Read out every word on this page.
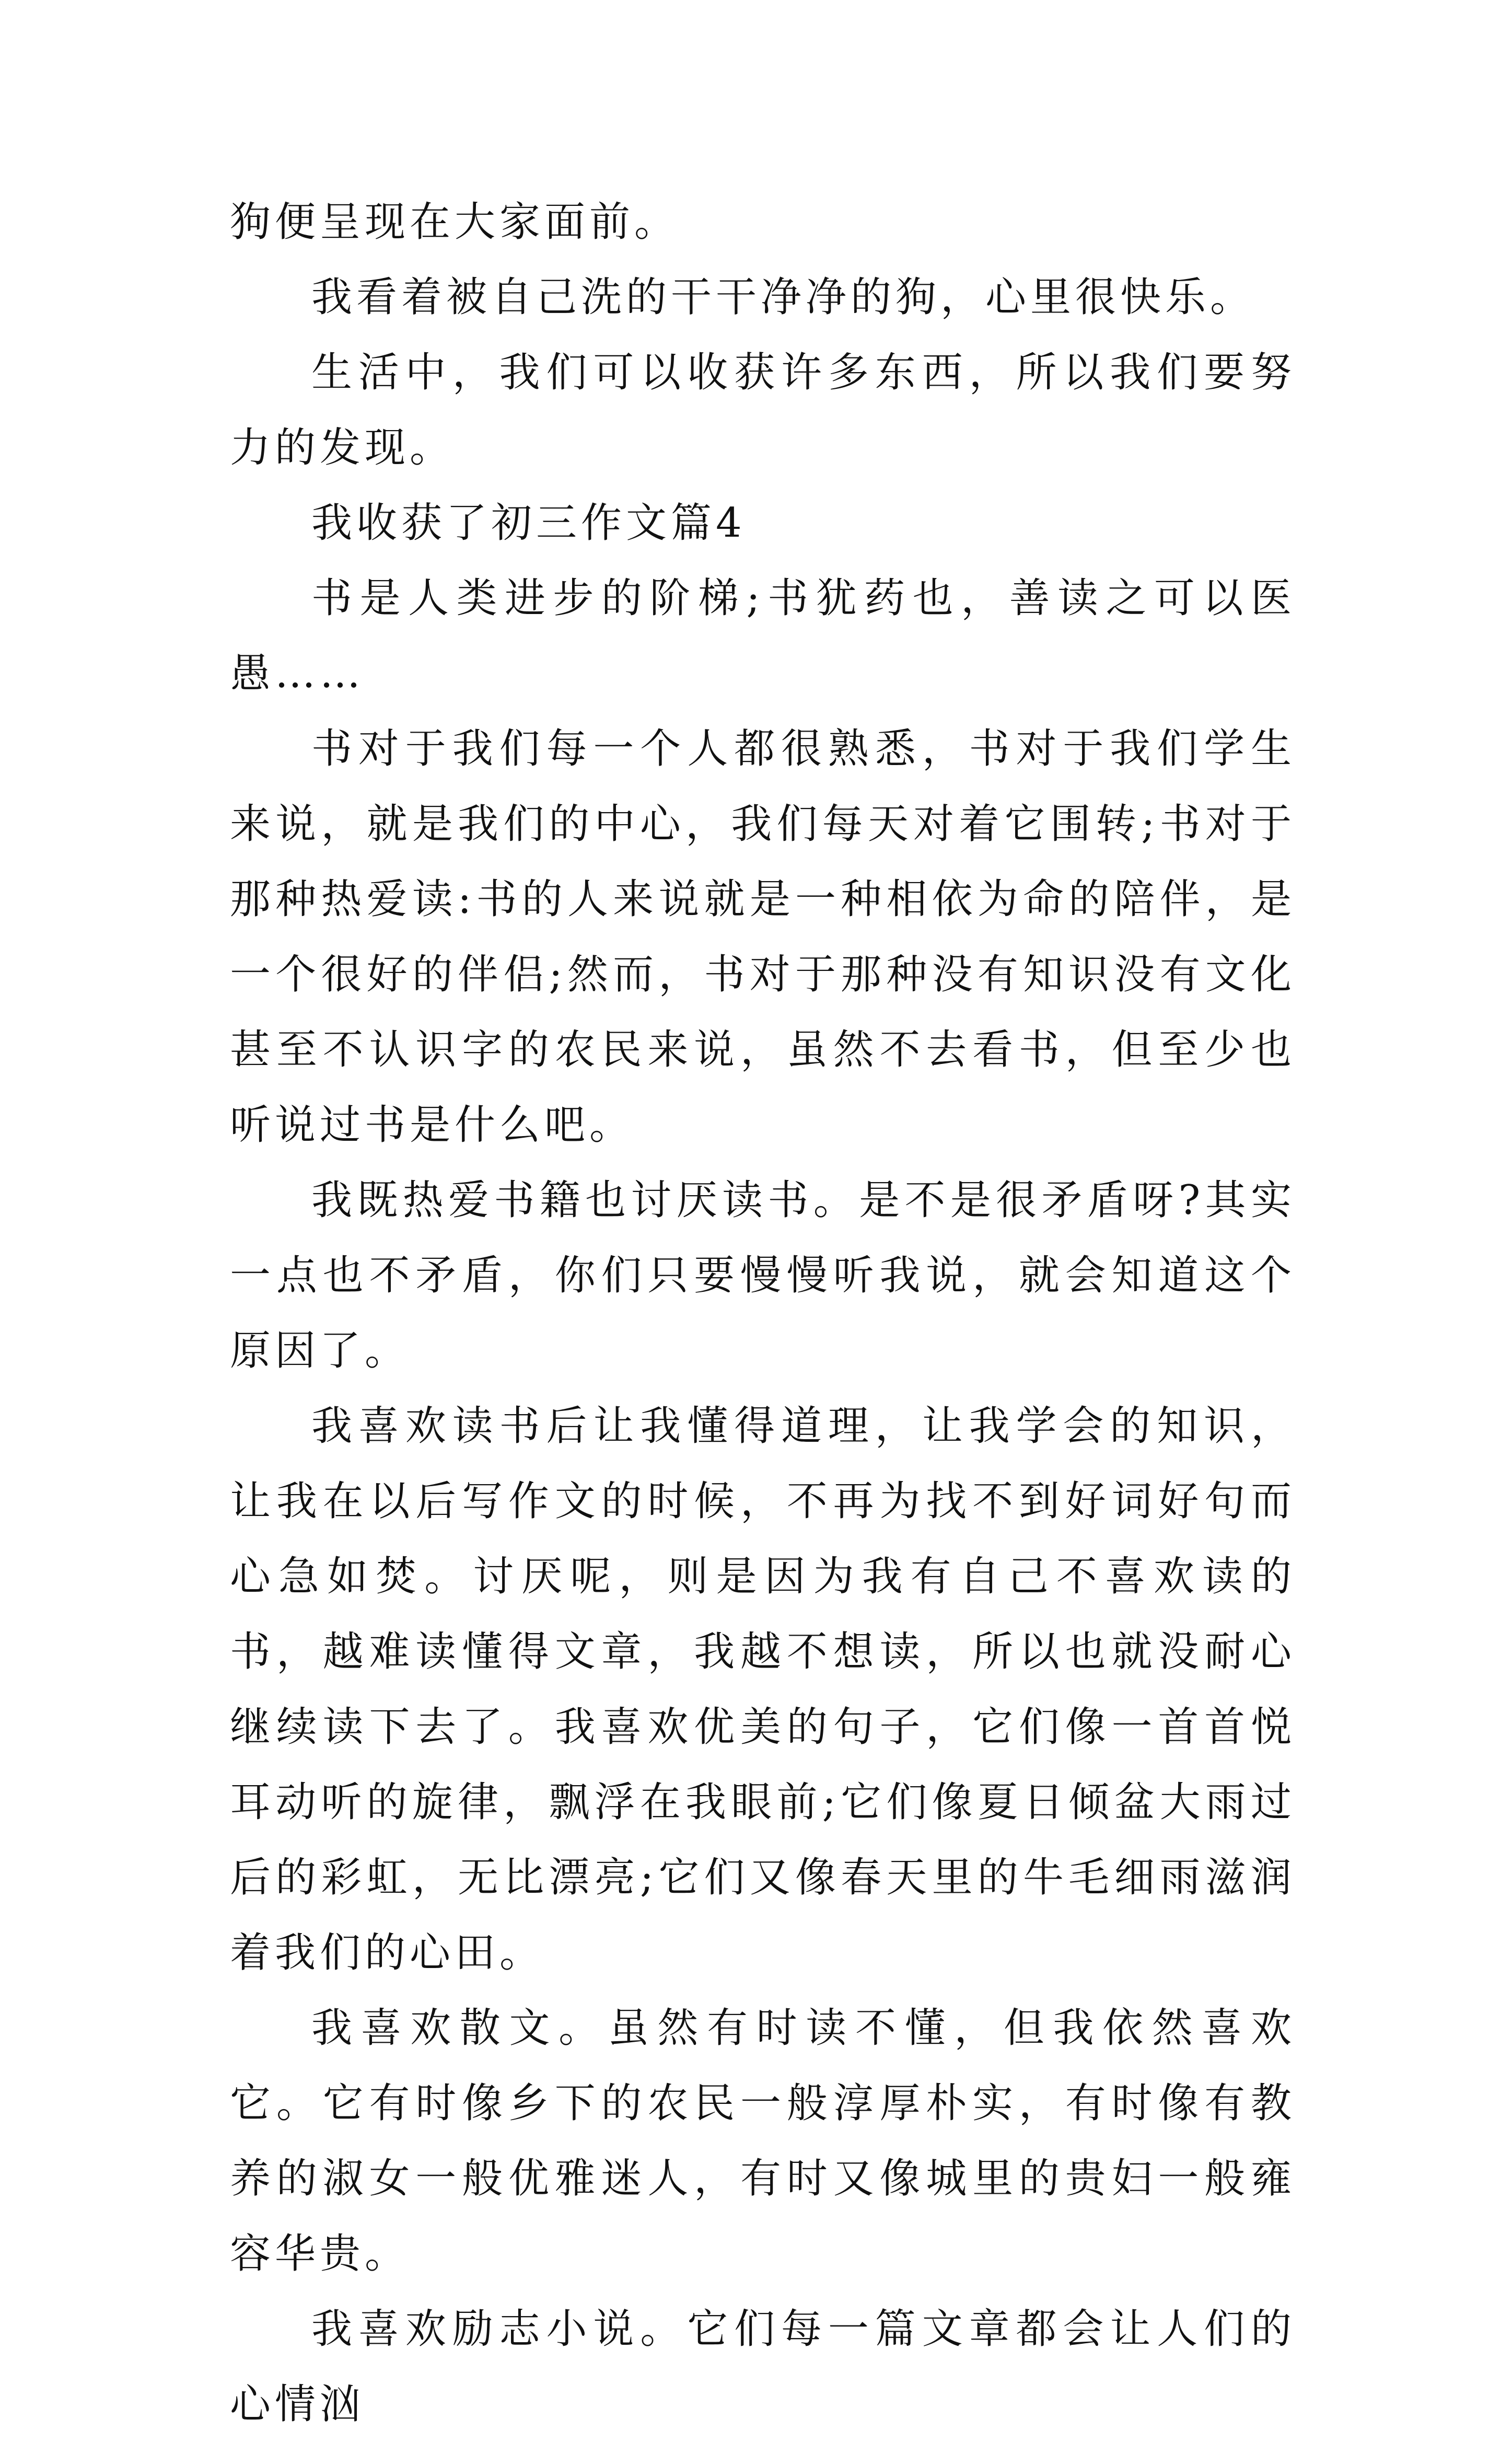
狗便呈现在大家面前。

我看着被自己洗的干干净净的狗，心里很快乐。

生活中，我们可以收获许多东西，所以我们要努力的发现。

我收获了初三作文篇4

书是人类进步的阶梯;书犹药也，善读之可以医愚……

书对于我们每一个人都很熟悉，书对于我们学生来说，就是我们的中心，我们每天对着它围转;书对于那种热爱读:书的人来说就是一种相依为命的陪伴，是一个很好的伴侣;然而，书对于那种没有知识没有文化甚至不认识字的农民来说，虽然不去看书，但至少也听说过书是什么吧。

我既热爱书籍也讨厌读书。是不是很矛盾呀?其实一点也不矛盾，你们只要慢慢听我说，就会知道这个原因了。

我喜欢读书后让我懂得道理，让我学会的知识，让我在以后写作文的时候，不再为找不到好词好句而心急如焚。讨厌呢，则是因为我有自己不喜欢读的书，越难读懂得文章，我越不想读，所以也就没耐心继续读下去了。我喜欢优美的句子，它们像一首首悦耳动听的旋律，飘浮在我眼前;它们像夏日倾盆大雨过后的彩虹，无比漂亮;它们又像春天里的牛毛细雨滋润着我们的心田。

我喜欢散文。虽然有时读不懂，但我依然喜欢它。它有时像乡下的农民一般淳厚朴实，有时像有教养的淑女一般优雅迷人，有时又像城里的贵妇一般雍容华贵。

我喜欢励志小说。它们每一篇文章都会让人们的心情汹
